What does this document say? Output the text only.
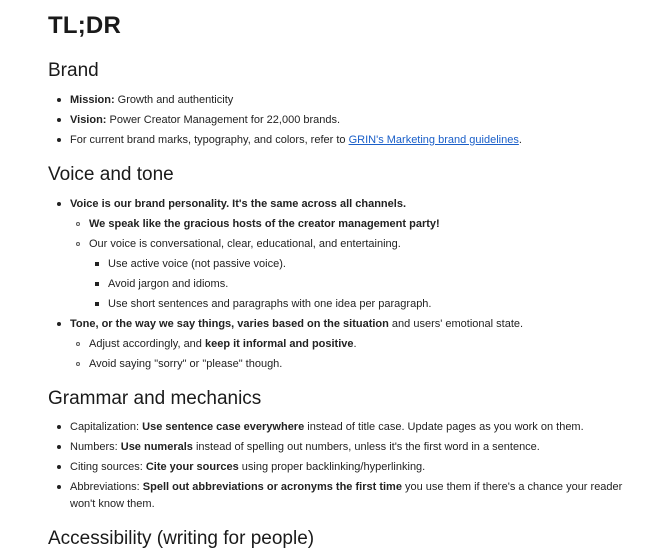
TL;DR
Brand
Mission: Growth and authenticity
Vision: Power Creator Management for 22,000 brands.
For current brand marks, typography, and colors, refer to GRIN's Marketing brand guidelines.
Voice and tone
Voice is our brand personality. It's the same across all channels.
We speak like the gracious hosts of the creator management party!
Our voice is conversational, clear, educational, and entertaining.
Use active voice (not passive voice).
Avoid jargon and idioms.
Use short sentences and paragraphs with one idea per paragraph.
Tone, or the way we say things, varies based on the situation and users' emotional state.
Adjust accordingly, and keep it informal and positive.
Avoid saying "sorry" or "please" though.
Grammar and mechanics
Capitalization: Use sentence case everywhere instead of title case. Update pages as you work on them.
Numbers: Use numerals instead of spelling out numbers, unless it's the first word in a sentence.
Citing sources: Cite your sources using proper backlinking/hyperlinking.
Abbreviations: Spell out abbreviations or acronyms the first time you use them if there's a chance your reader
won't know them.
Accessibility (writing for people)
